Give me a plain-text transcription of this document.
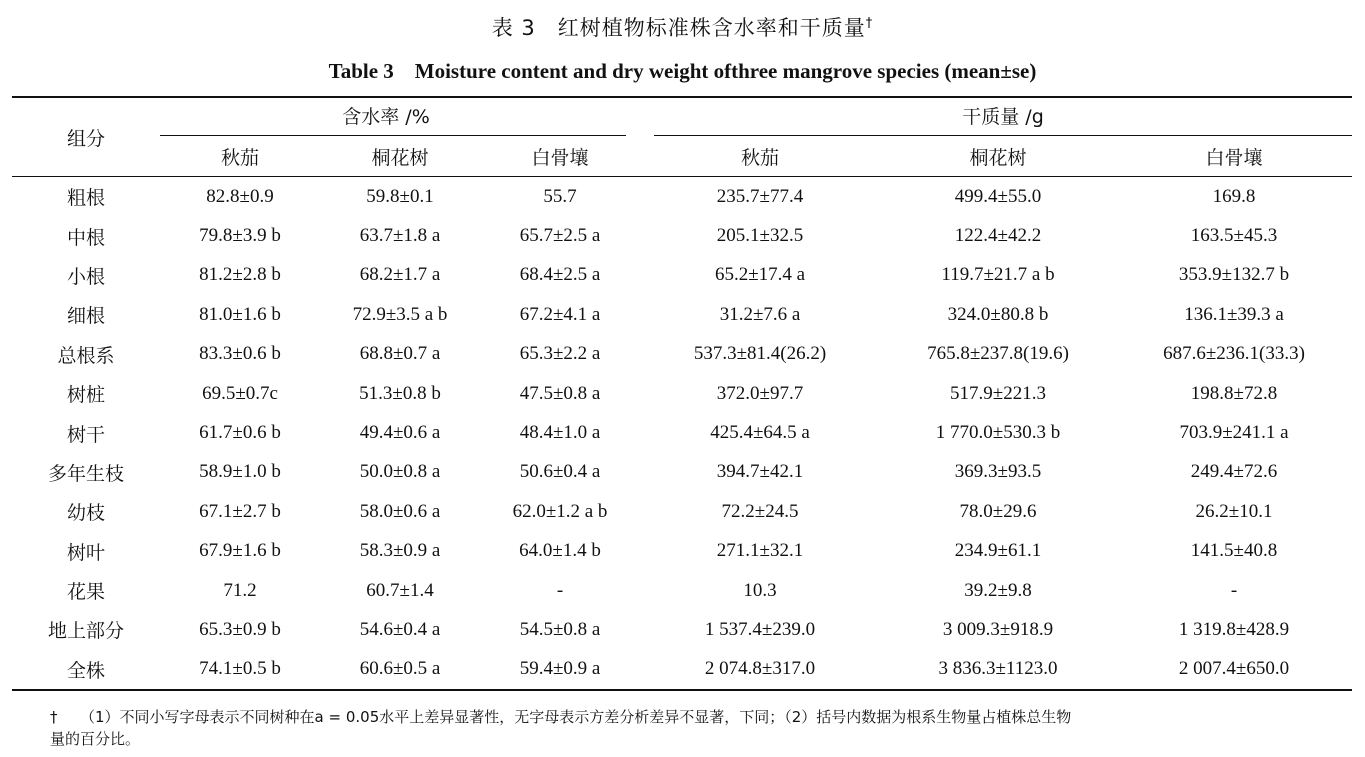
表 3　红树植物标准株含水率和干质量†
Table 3　Moisture content and dry weight ofthree mangrove species (mean±se)
组分	含水率 /%			干质量 /g		

	秋茄	桐花树	白骨壤	秋茄	桐花树	白骨壤
粗根	82.8±0.9	59.8±0.1	55.7	235.7±77.4	499.4±55.0	169.8
中根	79.8±3.9 b	63.7±1.8 a	65.7±2.5 a	205.1±32.5	122.4±42.2	163.5±45.3
小根	81.2±2.8 b	68.2±1.7 a	68.4±2.5 a	65.2±17.4 a	119.7±21.7 a b	353.9±132.7 b
细根	81.0±1.6 b	72.9±3.5 a b	67.2±4.1 a	31.2±7.6 a	324.0±80.8 b	136.1±39.3 a
总根系	83.3±0.6 b	68.8±0.7 a	65.3±2.2 a	537.3±81.4(26.2)	765.8±237.8(19.6)	687.6±236.1(33.3)
树桩	69.5±0.7c	51.3±0.8 b	47.5±0.8 a	372.0±97.7	517.9±221.3	198.8±72.8
树干	61.7±0.6 b	49.4±0.6 a	48.4±1.0 a	425.4±64.5 a	1 770.0±530.3 b	703.9±241.1 a
多年生枝	58.9±1.0 b	50.0±0.8 a	50.6±0.4 a	394.7±42.1	369.3±93.5	249.4±72.6
幼枝	67.1±2.7 b	58.0±0.6 a	62.0±1.2 a b	72.2±24.5	78.0±29.6	26.2±10.1
树叶	67.9±1.6 b	58.3±0.9 a	64.0±1.4 b	271.1±32.1	234.9±61.1	141.5±40.8
花果	71.2	60.7±1.4	-	10.3	39.2±9.8	-
地上部分	65.3±0.9 b	54.6±0.4 a	54.5±0.8 a	1 537.4±239.0	3 009.3±918.9	1 319.8±428.9
全株	74.1±0.5 b	60.6±0.5 a	59.4±0.9 a	2 074.8±317.0	3 836.3±1123.0	2 007.4±650.0
† （1）不同小写字母表示不同树种在a = 0.05水平上差异显著性，无字母表示方差分析差异不显著，下同；（2）括号内数据为根系生物量占植株总生物
量的百分比。
